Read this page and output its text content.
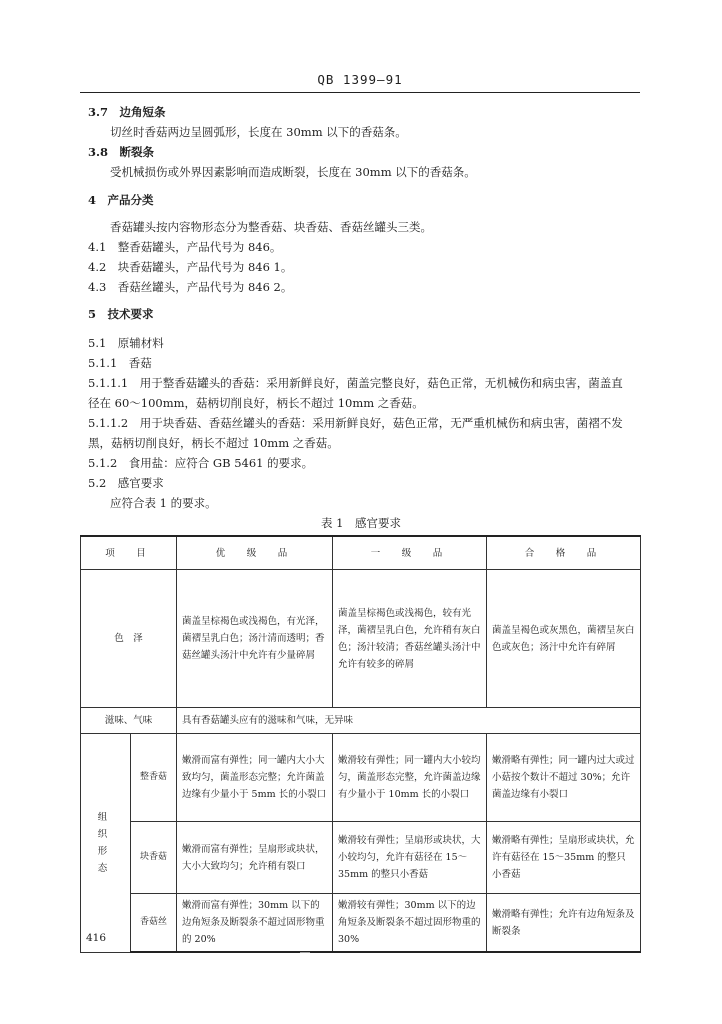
QB 1399—91
3.7　边角短条
切丝时香菇两边呈圆弧形，长度在 30mm 以下的香菇条。
3.8　断裂条
受机械损伤或外界因素影响而造成断裂，长度在 30mm 以下的香菇条。
4　产品分类
香菇罐头按内容物形态分为整香菇、块香菇、香菇丝罐头三类。
4.1　整香菇罐头，产品代号为 846。
4.2　块香菇罐头，产品代号为 846 1。
4.3　香菇丝罐头，产品代号为 846 2。
5　技术要求
5.1　原辅材料
5.1.1　香菇
5.1.1.1　用于整香菇罐头的香菇：采用新鲜良好，菌盖完整良好，菇色正常，无机械伤和病虫害，菌盖直
径在 60～100mm，菇柄切削良好，柄长不超过 10mm 之香菇。
5.1.1.2　用于块香菇、香菇丝罐头的香菇：采用新鲜良好，菇色正常，无严重机械伤和病虫害，菌褶不发
黑，菇柄切削良好，柄长不超过 10mm 之香菇。
5.1.2　食用盐：应符合 GB 5461 的要求。
5.2　感官要求
应符合表 1 的要求。
表 1　感官要求
项　目		优　级　品	一　级　品	合　格　品
色　泽		菌盖呈棕褐色或浅褐色，有光泽，菌褶呈乳白色；汤汁清而透明；香菇丝罐头汤汁中允许有少量碎屑	菌盖呈棕褐色或浅褐色，较有光泽，菌褶呈乳白色，允许稍有灰白色；汤汁较清；香菇丝罐头汤汁中允许有较多的碎屑	菌盖呈褐色或灰黑色，菌褶呈灰白色或灰色；汤汁中允许有碎屑
滋味、气味		具有香菇罐头应有的滋味和气味，无异味		
组　织　形　态	整香菇	嫩滑而富有弹性；同一罐内大小大致均匀，菌盖形态完整；允许菌盖边缘有少量小于 5mm 长的小裂口	嫩滑较有弹性；同一罐内大小较均匀，菌盖形态完整，允许菌盖边缘有少量小于 10mm 长的小裂口	嫩滑略有弹性；同一罐内过大或过小菇按个数计不超过 30%；允许菌盖边缘有小裂口
	块香菇	嫩滑而富有弹性；呈扇形或块状，大小大致均匀；允许稍有裂口	嫩滑较有弹性；呈扇形或块状，大小较均匀，允许有菇径在 15～35mm 的整只小香菇	嫩滑略有弹性；呈扇形或块状，允许有菇径在 15～35mm 的整只小香菇
	香菇丝	嫩滑而富有弹性；30mm 以下的边角短条及断裂条不超过固形物重的 20%	嫩滑较有弹性；30mm 以下的边角短条及断裂条不超过固形物重的 30%	嫩滑略有弹性；允许有边角短条及断裂条
416
